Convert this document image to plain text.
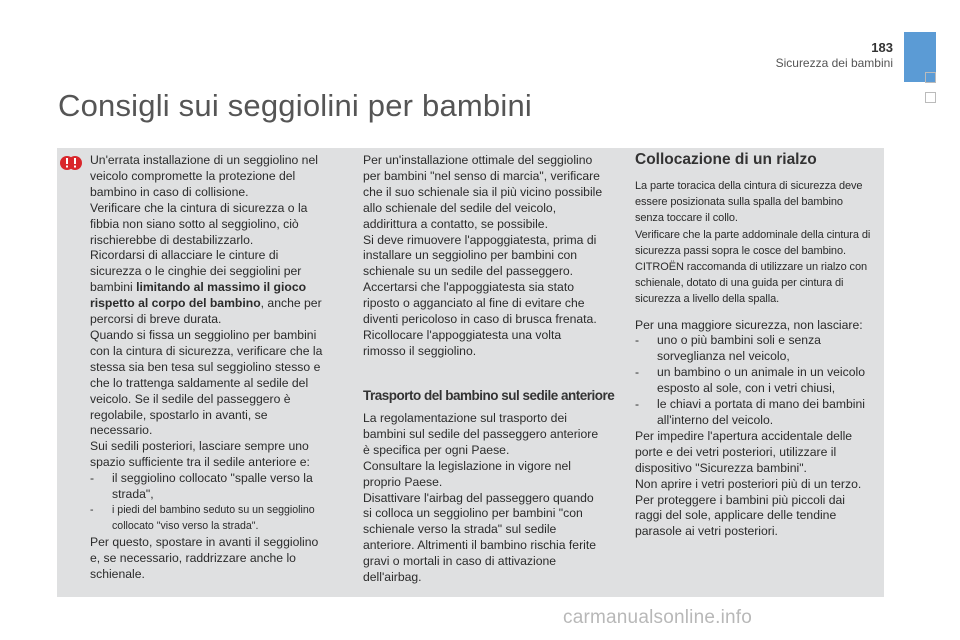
183
Sicurezza dei bambini
Consigli sui seggiolini per bambini

Un'errata installazione di un seggiolino nel veicolo compromette la protezione del bambino in caso di collisione.

Verificare che la cintura di sicurezza o la fibbia non siano sotto al seggiolino, ciò rischierebbe di destabilizzarlo.

Ricordarsi di allacciare le cinture di sicurezza o le cinghie dei seggiolini per bambini limitando al massimo il gioco rispetto al corpo del bambino, anche per percorsi di breve durata.

Quando si fissa un seggiolino per bambini con la cintura di sicurezza, verificare che la stessa sia ben tesa sul seggiolino stesso e che lo trattenga saldamente al sedile del veicolo. Se il sedile del passeggero è regolabile, spostarlo in avanti, se necessario.

Sui sedili posteriori, lasciare sempre uno spazio sufficiente tra il sedile anteriore e:

-	il seggiolino collocato "spalle verso la strada",
-	i piedi del bambino seduto su un seggiolino collocato "viso verso la strada".

Per questo, spostare in avanti il seggiolino e, se necessario, raddrizzare anche lo schienale.

Per un'installazione ottimale del seggiolino per bambini "nel senso di marcia", verificare che il suo schienale sia il più vicino possibile allo schienale del sedile del veicolo, addirittura a contatto, se possibile.

Si deve rimuovere l'appoggiatesta, prima di installare un seggiolino per bambini con schienale su un sedile del passeggero.

Accertarsi che l'appoggiatesta sia stato riposto o agganciato al fine di evitare che diventi pericoloso in caso di brusca frenata. Ricollocare l'appoggiatesta una volta rimosso il seggiolino.

Trasporto del bambino sul sedile anteriore

La regolamentazione sul trasporto dei bambini sul sedile del passeggero anteriore è specifica per ogni Paese.

Consultare la legislazione in vigore nel proprio Paese.

Disattivare l'airbag del passeggero quando si colloca un seggiolino per bambini "con schienale verso la strada" sul sedile anteriore. Altrimenti il bambino rischia ferite gravi o mortali in caso di attivazione dell'airbag.

Collocazione di un rialzo

La parte toracica della cintura di sicurezza deve essere posizionata sulla spalla del bambino senza toccare il collo.

Verificare che la parte addominale della cintura di sicurezza passi sopra le cosce del bambino.

CITROËN raccomanda di utilizzare un rialzo con schienale, dotato di una guida per cintura di sicurezza a livello della spalla.

Per una maggiore sicurezza, non lasciare:

-	uno o più bambini soli e senza sorveglianza nel veicolo,
-	un bambino o un animale in un veicolo esposto al sole, con i vetri chiusi,
-	le chiavi a portata di mano dei bambini all'interno del veicolo.

Per impedire l'apertura accidentale delle porte e dei vetri posteriori, utilizzare il dispositivo "Sicurezza bambini".

Non aprire i vetri posteriori più di un terzo.

Per proteggere i bambini più piccoli dai raggi del sole, applicare delle tendine parasole ai vetri posteriori.

carmanualsonline.info
